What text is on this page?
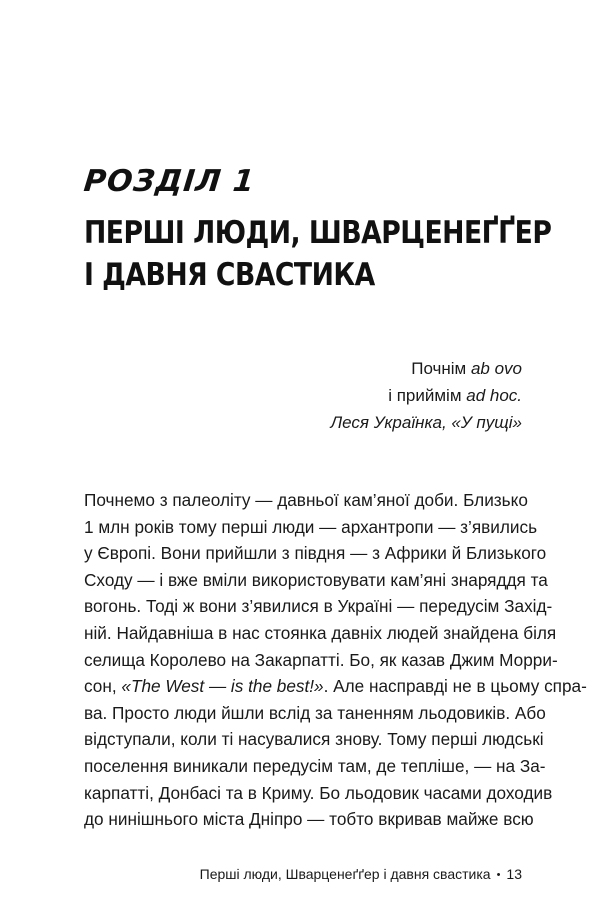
РОЗДІЛ 1
ПЕРШІ ЛЮДИ, ШВАРЦЕНЕҐҐЕР
І ДАВНЯ СВАСТИКА
Почнім ab ovo
і приймім ad hoc.
Леся Українка, «У пущі»
Почнемо з палеоліту — давньої кам’яної доби. Близько
1 млн років тому перші люди — архантропи — з’явились
у Європі. Вони прийшли з півдня — з Африки й Близького
Сходу — і вже вміли використовувати кам’яні знаряддя та
вогонь. Тоді ж вони з’явилися в Україні — передусім Захід-
ній. Найдавніша в нас стоянка давніх людей знайдена біля
селища Королево на Закарпатті. Бо, як казав Джим Морри-
сон, «The West — is the best!». Але насправді не в цьому спра-
ва. Просто люди йшли вслід за таненням льодовиків. Або
відступали, коли ті насувалися знову. Тому перші людські
поселення виникали передусім там, де тепліше, — на За-
карпатті, Донбасі та в Криму. Бо льодовик часами доходив
до нинішнього міста Дніпро — тобто вкривав майже всю
Перші люди, Шварценеґґер і давня свастика • 13
